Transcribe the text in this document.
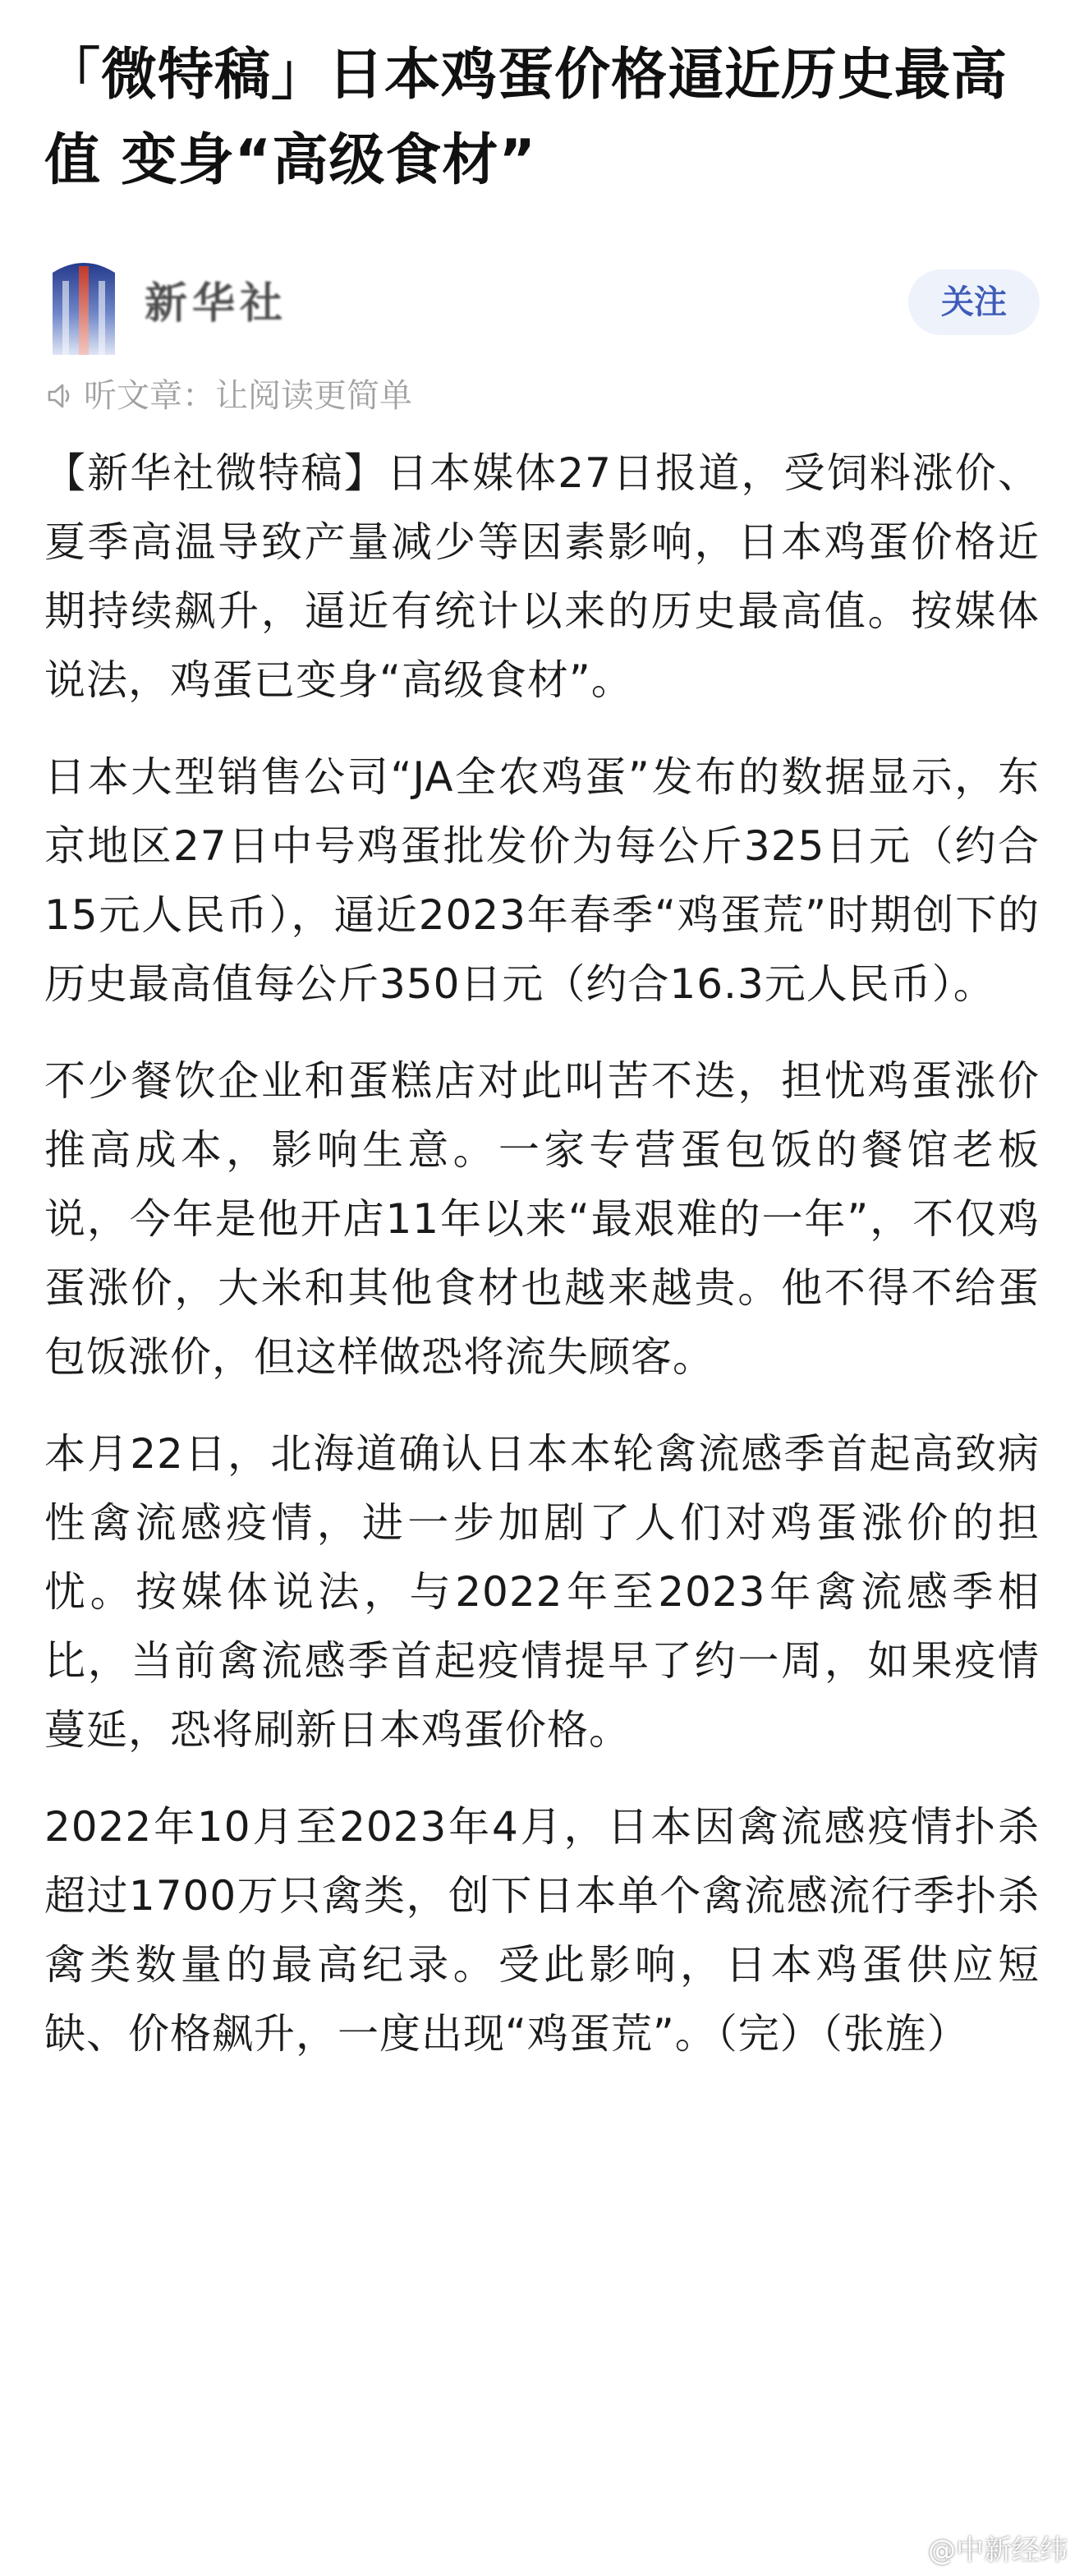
「微特稿」日本鸡蛋价格逼近历史最高值 变身“高级食材”
新华社	关注
听文章：让阅读更简单

【新华社微特稿】日本媒体27日报道，受饲料涨价、夏季高温导致产量减少等因素影响，日本鸡蛋价格近期持续飙升，逼近有统计以来的历史最高值。按媒体说法，鸡蛋已变身“高级食材”。

日本大型销售公司“JA全农鸡蛋”发布的数据显示，东京地区27日中号鸡蛋批发价为每公斤325日元（约合15元人民币），逼近2023年春季“鸡蛋荒”时期创下的历史最高值每公斤350日元（约合16.3元人民币）。

不少餐饮企业和蛋糕店对此叫苦不迭，担忧鸡蛋涨价推高成本，影响生意。一家专营蛋包饭的餐馆老板说，今年是他开店11年以来“最艰难的一年”，不仅鸡蛋涨价，大米和其他食材也越来越贵。他不得不给蛋包饭涨价，但这样做恐将流失顾客。

本月22日，北海道确认日本本轮禽流感季首起高致病性禽流感疫情，进一步加剧了人们对鸡蛋涨价的担忧。按媒体说法，与2022年至2023年禽流感季相比，当前禽流感季首起疫情提早了约一周，如果疫情蔓延，恐将刷新日本鸡蛋价格。

2022年10月至2023年4月，日本因禽流感疫情扑杀超过1700万只禽类，创下日本单个禽流感流行季扑杀禽类数量的最高纪录。受此影响，日本鸡蛋供应短缺、价格飙升，一度出现“鸡蛋荒”。（完）（张旌）

@中新经纬
